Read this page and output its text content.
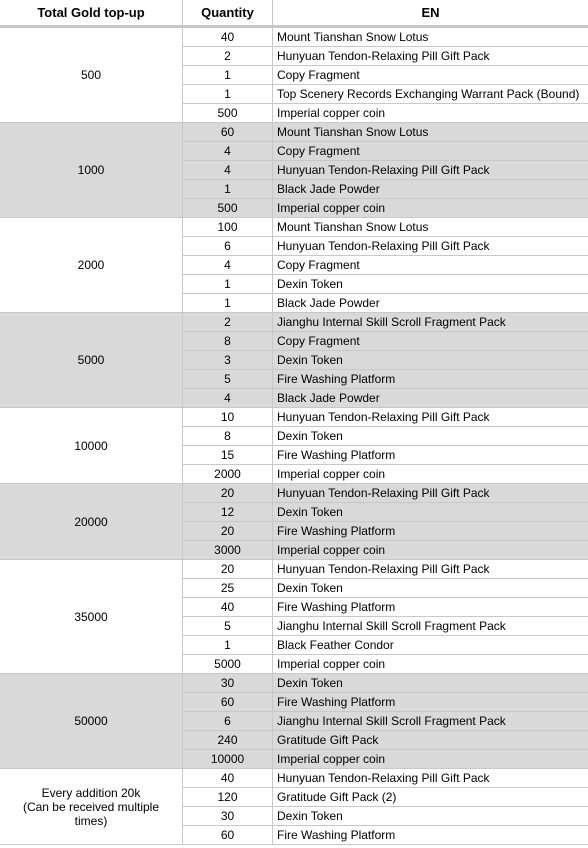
Total Gold top-up	Quantity	EN
500
40	Mount Tianshan Snow Lotus
2	Hunyuan Tendon-Relaxing Pill Gift Pack
1	Copy Fragment
1	Top Scenery Records Exchanging Warrant Pack (Bound)
500	Imperial copper coin
1000
60	Mount Tianshan Snow Lotus
4	Copy Fragment
4	Hunyuan Tendon-Relaxing Pill Gift Pack
1	Black Jade Powder
500	Imperial copper coin
2000
100	Mount Tianshan Snow Lotus
6	Hunyuan Tendon-Relaxing Pill Gift Pack
4	Copy Fragment
1	Dexin Token
1	Black Jade Powder
5000
2	Jianghu Internal Skill Scroll Fragment Pack
8	Copy Fragment
3	Dexin Token
5	Fire Washing Platform
4	Black Jade Powder
10000
10	Hunyuan Tendon-Relaxing Pill Gift Pack
8	Dexin Token
15	Fire Washing Platform
2000	Imperial copper coin
20000
20	Hunyuan Tendon-Relaxing Pill Gift Pack
12	Dexin Token
20	Fire Washing Platform
3000	Imperial copper coin
35000
20	Hunyuan Tendon-Relaxing Pill Gift Pack
25	Dexin Token
40	Fire Washing Platform
5	Jianghu Internal Skill Scroll Fragment Pack
1	Black Feather Condor
5000	Imperial copper coin
50000
30	Dexin Token
60	Fire Washing Platform
6	Jianghu Internal Skill Scroll Fragment Pack
240	Gratitude Gift Pack
10000	Imperial copper coin
Every addition 20k
(Can be received multiple times)
40	Hunyuan Tendon-Relaxing Pill Gift Pack
120	Gratitude Gift Pack (2)
30	Dexin Token
60	Fire Washing Platform
